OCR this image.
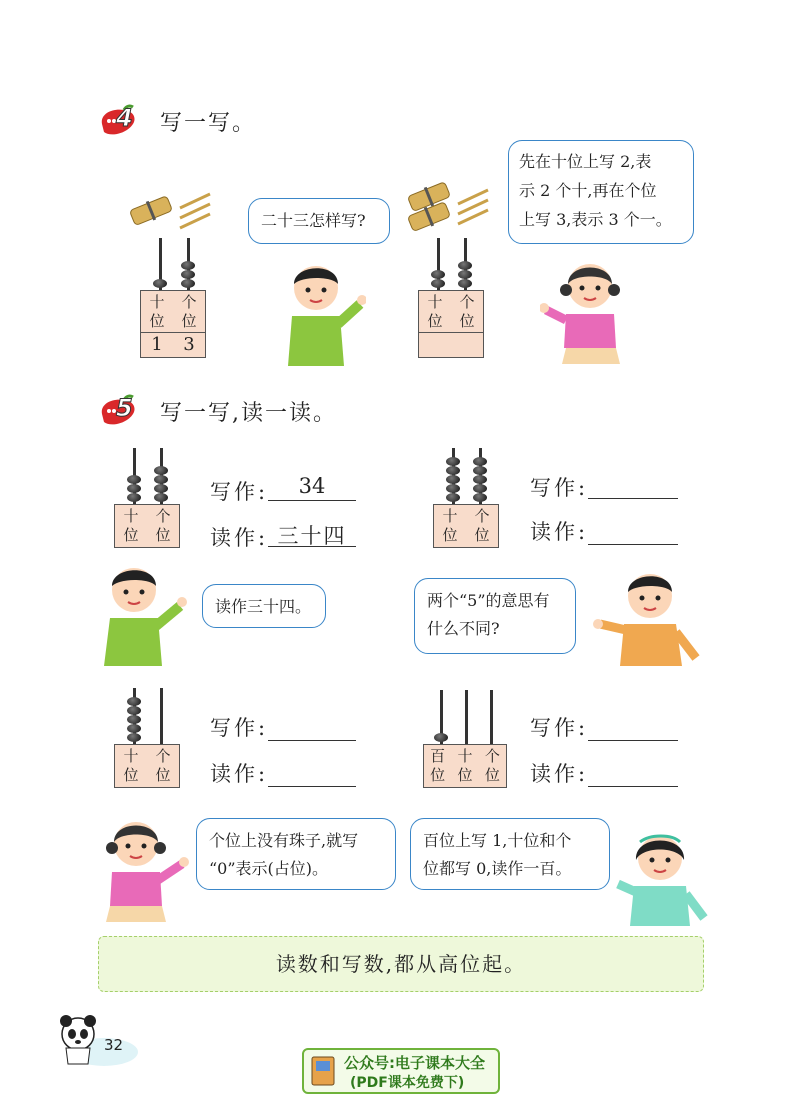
4 写一写。
十
位
个
位
1 3
二十三怎样写?
十
位
个
位
先在十位上写 2,表
示 2 个十,再在个位
上写 3,表示 3 个一。
5 写一写,读一读。
十
位
个
位
写作:	34
读作: 三十四
十
位
个
位
写作:
读作:
读作三十四。	两个“5”的意思有
什么不同?
十
位
个
位
写作:
读作:
百
位
十
位
个
位
写作:
读作:
个位上没有珠子,就写
“0”表示(占位)。
百位上写 1,十位和个
位都写 0,读作一百。
读数和写数,都从高位起。
32
公众号:电子课本大全
(PDF课本免费下)
